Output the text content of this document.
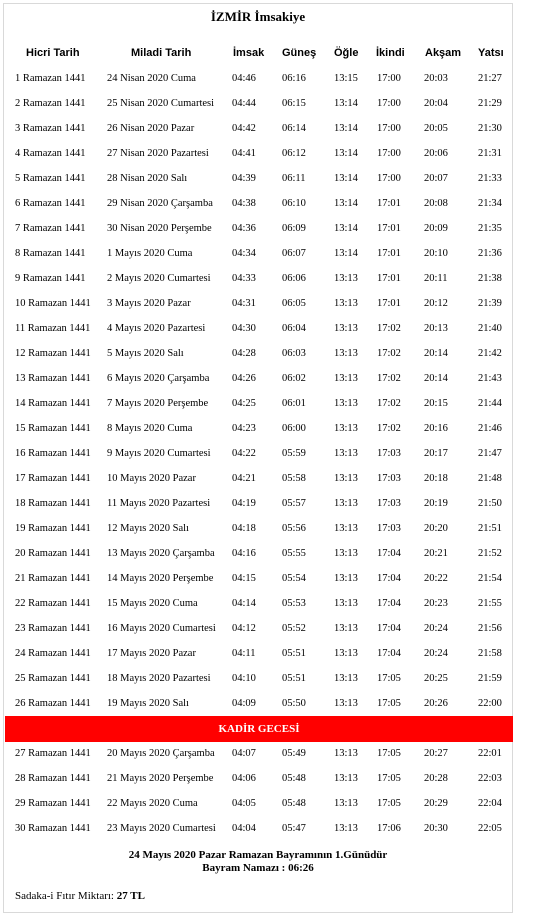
İZMİR İmsakiye
Hicri Tarih	Miladi Tarih	İmsak Güneş Öğle İkindi Akşam Yatsı
1 Ramazan 1441 24 Nisan 2020 Cuma	04:46 06:16	13:15 17:00 20:03	21:27
2 Ramazan 1441 25 Nisan 2020 Cumartesi 04:44 06:15	13:14 17:00 20:04	21:29
3 Ramazan 1441 26 Nisan 2020 Pazar	04:42 06:14	13:14 17:00 20:05	21:30
4 Ramazan 1441 27 Nisan 2020 Pazartesi 04:41 06:12	13:14 17:00 20:06	21:31
5 Ramazan 1441 28 Nisan 2020 Salı	04:39 06:11	13:14 17:00 20:07	21:33
6 Ramazan 1441 29 Nisan 2020 Çarşamba 04:38 06:10	13:14 17:01 20:08	21:34
7 Ramazan 1441 30 Nisan 2020 Perşembe 04:36 06:09	13:14 17:01 20:09	21:35
8 Ramazan 1441 1 Mayıs 2020 Cuma	04:34 06:07	13:14 17:01 20:10	21:36
9 Ramazan 1441 2 Mayıs 2020 Cumartesi 04:33 06:06	13:13 17:01 20:11	21:38
10 Ramazan 1441 3 Mayıs 2020 Pazar	04:31 06:05	13:13 17:01 20:12	21:39
11 Ramazan 1441 4 Mayıs 2020 Pazartesi	04:30 06:04	13:13 17:02 20:13	21:40
12 Ramazan 1441 5 Mayıs 2020 Salı	04:28 06:03	13:13 17:02 20:14	21:42
13 Ramazan 1441 6 Mayıs 2020 Çarşamba 04:26 06:02	13:13 17:02 20:14	21:43
14 Ramazan 1441 7 Mayıs 2020 Perşembe 04:25 06:01	13:13 17:02 20:15	21:44
15 Ramazan 1441 8 Mayıs 2020 Cuma	04:23 06:00	13:13 17:02 20:16	21:46
16 Ramazan 1441 9 Mayıs 2020 Cumartesi 04:22 05:59	13:13 17:03 20:17	21:47
17 Ramazan 1441 10 Mayıs 2020 Pazar	04:21 05:58	13:13 17:03 20:18	21:48
18 Ramazan 1441 11 Mayıs 2020 Pazartesi 04:19 05:57	13:13 17:03 20:19	21:50
19 Ramazan 1441 12 Mayıs 2020 Salı	04:18 05:56	13:13 17:03 20:20	21:51
20 Ramazan 1441 13 Mayıs 2020 Çarşamba 04:16 05:55	13:13 17:04 20:21	21:52
21 Ramazan 1441 14 Mayıs 2020 Perşembe 04:15 05:54	13:13 17:04 20:22	21:54
22 Ramazan 1441 15 Mayıs 2020 Cuma	04:14 05:53	13:13 17:04 20:23	21:55
23 Ramazan 1441 16 Mayıs 2020 Cumartesi 04:12 05:52	13:13 17:04 20:24	21:56
24 Ramazan 1441 17 Mayıs 2020 Pazar	04:11	05:51	13:13 17:04 20:24	21:58
25 Ramazan 1441 18 Mayıs 2020 Pazartesi 04:10 05:51	13:13 17:05 20:25	21:59
26 Ramazan 1441 19 Mayıs 2020 Salı	04:09 05:50	13:13 17:05 20:26	22:00
27 Ramazan 1441 20 Mayıs 2020 Çarşamba 04:07 05:49	13:13 17:05 20:27	22:01
28 Ramazan 1441 21 Mayıs 2020 Perşembe 04:06 05:48	13:13 17:05 20:28	22:03
29 Ramazan 1441 22 Mayıs 2020 Cuma	04:05 05:48	13:13 17:05 20:29	22:04
30 Ramazan 1441 23 Mayıs 2020 Cumartesi 04:04 05:47	13:13 17:06 20:30	22:05
KADİR GECESİ
24 Mayıs 2020 Pazar Ramazan Bayramının 1.Günüdür
Bayram Namazı : 06:26
Sadaka-i Fıtır Miktarı: 27 TL
